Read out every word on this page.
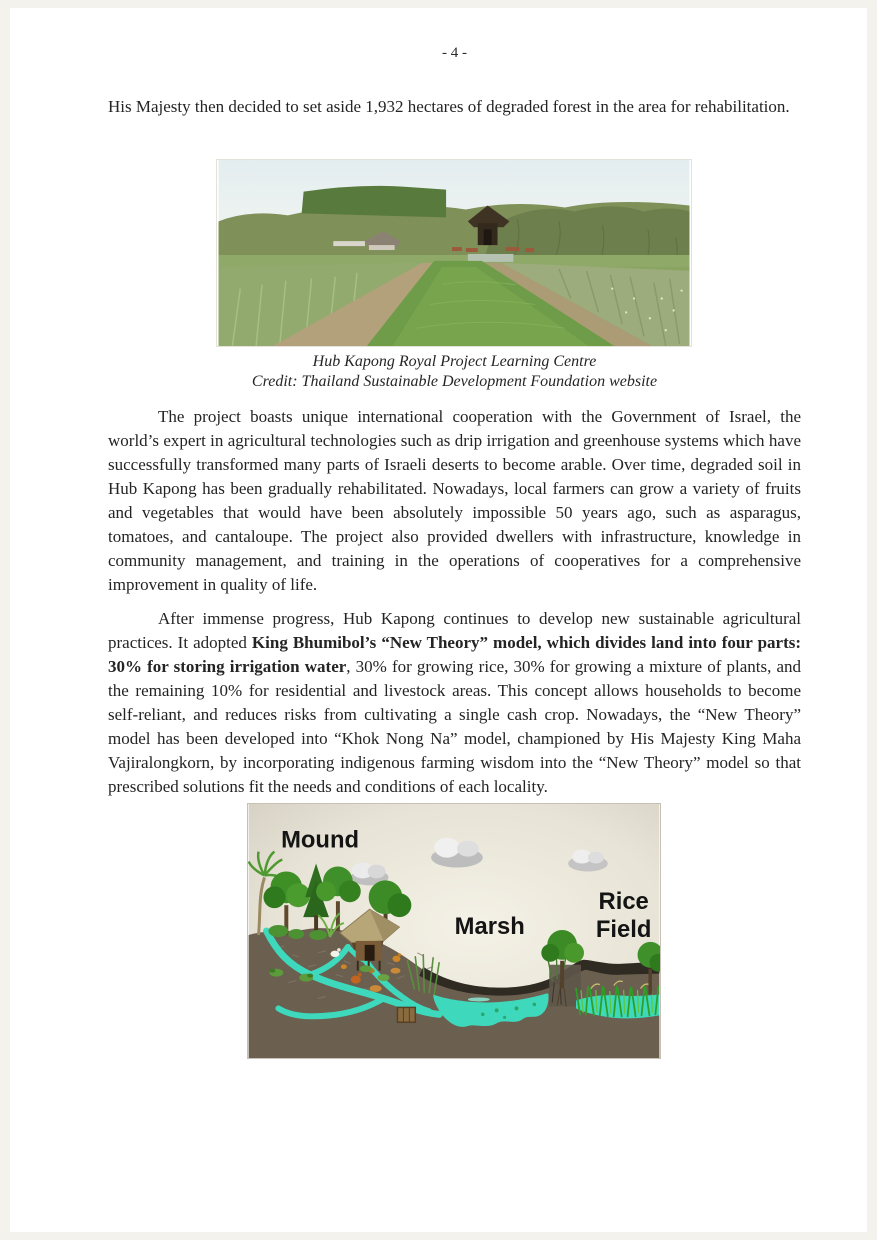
- 4 -

His Majesty then decided to set aside 1,932 hectares of degraded forest in the area for rehabilitation.

Hub Kapong Royal Project Learning Centre
Credit: Thailand Sustainable Development Foundation website

The project boasts unique international cooperation with the Government of Israel, the world’s expert in agricultural technologies such as drip irrigation and greenhouse systems which have successfully transformed many parts of Israeli deserts to become arable. Over time, degraded soil in Hub Kapong has been gradually rehabilitated. Nowadays, local farmers can grow a variety of fruits and vegetables that would have been absolutely impossible 50 years ago, such as asparagus, tomatoes, and cantaloupe. The project also provided dwellers with infrastructure, knowledge in community management, and training in the operations of cooperatives for a comprehensive improvement in quality of life.

After immense progress, Hub Kapong continues to develop new sustainable agricultural practices. It adopted King Bhumibol’s “New Theory” model, which divides land into four parts: 30% for storing irrigation water, 30% for growing rice, 30% for growing a mixture of plants, and the remaining 10% for residential and livestock areas. This concept allows households to become self-reliant, and reduces risks from cultivating a single cash crop. Nowadays, the “New Theory” model has been developed into “Khok Nong Na” model, championed by His Majesty King Maha Vajiralongkorn, by incorporating indigenous farming wisdom into the “New Theory” model so that prescribed solutions fit the needs and conditions of each locality.

Mound
Marsh
Rice
Field
